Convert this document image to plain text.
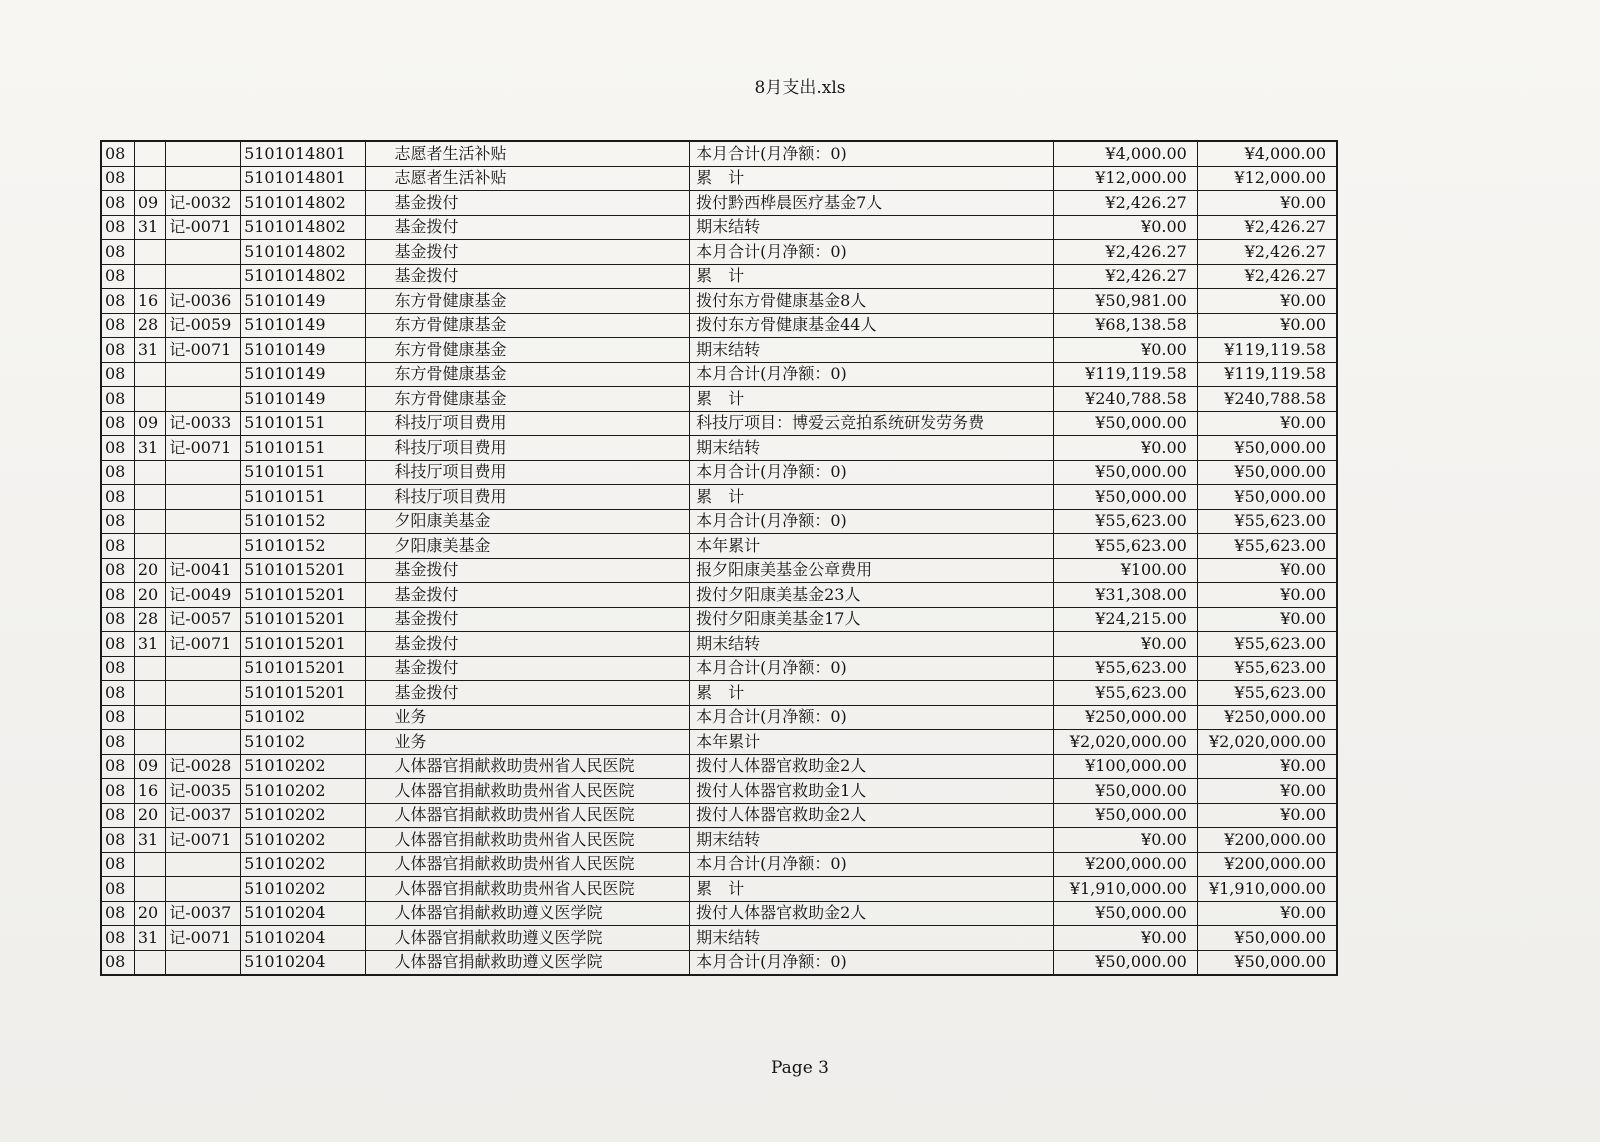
8月支出.xls
08			5101014801	志愿者生活补贴	本月合计(月净额：0)	¥4,000.00	¥4,000.00
08			5101014801	志愿者生活补贴	累　计	¥12,000.00	¥12,000.00
08	09	记-0032	5101014802	基金拨付	拨付黔西桦晨医疗基金7人	¥2,426.27	¥0.00
08	31	记-0071	5101014802	基金拨付	期末结转	¥0.00	¥2,426.27
08			5101014802	基金拨付	本月合计(月净额：0)	¥2,426.27	¥2,426.27
08			5101014802	基金拨付	累　计	¥2,426.27	¥2,426.27
08	16	记-0036	51010149	东方骨健康基金	拨付东方骨健康基金8人	¥50,981.00	¥0.00
08	28	记-0059	51010149	东方骨健康基金	拨付东方骨健康基金44人	¥68,138.58	¥0.00
08	31	记-0071	51010149	东方骨健康基金	期末结转	¥0.00	¥119,119.58
08			51010149	东方骨健康基金	本月合计(月净额：0)	¥119,119.58	¥119,119.58
08			51010149	东方骨健康基金	累　计	¥240,788.58	¥240,788.58
08	09	记-0033	51010151	科技厅项目费用	科技厅项目：博爱云竞拍系统研发劳务费	¥50,000.00	¥0.00
08	31	记-0071	51010151	科技厅项目费用	期末结转	¥0.00	¥50,000.00
08			51010151	科技厅项目费用	本月合计(月净额：0)	¥50,000.00	¥50,000.00
08			51010151	科技厅项目费用	累　计	¥50,000.00	¥50,000.00
08			51010152	夕阳康美基金	本月合计(月净额：0)	¥55,623.00	¥55,623.00
08			51010152	夕阳康美基金	本年累计	¥55,623.00	¥55,623.00
08	20	记-0041	5101015201	基金拨付	报夕阳康美基金公章费用	¥100.00	¥0.00
08	20	记-0049	5101015201	基金拨付	拨付夕阳康美基金23人	¥31,308.00	¥0.00
08	28	记-0057	5101015201	基金拨付	拨付夕阳康美基金17人	¥24,215.00	¥0.00
08	31	记-0071	5101015201	基金拨付	期末结转	¥0.00	¥55,623.00
08			5101015201	基金拨付	本月合计(月净额：0)	¥55,623.00	¥55,623.00
08			5101015201	基金拨付	累　计	¥55,623.00	¥55,623.00
08			510102	业务	本月合计(月净额：0)	¥250,000.00	¥250,000.00
08			510102	业务	本年累计	¥2,020,000.00	¥2,020,000.00
08	09	记-0028	51010202	人体器官捐献救助贵州省人民医院	拨付人体器官救助金2人	¥100,000.00	¥0.00
08	16	记-0035	51010202	人体器官捐献救助贵州省人民医院	拨付人体器官救助金1人	¥50,000.00	¥0.00
08	20	记-0037	51010202	人体器官捐献救助贵州省人民医院	拨付人体器官救助金2人	¥50,000.00	¥0.00
08	31	记-0071	51010202	人体器官捐献救助贵州省人民医院	期末结转	¥0.00	¥200,000.00
08			51010202	人体器官捐献救助贵州省人民医院	本月合计(月净额：0)	¥200,000.00	¥200,000.00
08			51010202	人体器官捐献救助贵州省人民医院	累　计	¥1,910,000.00	¥1,910,000.00
08	20	记-0037	51010204	人体器官捐献救助遵义医学院	拨付人体器官救助金2人	¥50,000.00	¥0.00
08	31	记-0071	51010204	人体器官捐献救助遵义医学院	期末结转	¥0.00	¥50,000.00
08			51010204	人体器官捐献救助遵义医学院	本月合计(月净额：0)	¥50,000.00	¥50,000.00
Page 3
